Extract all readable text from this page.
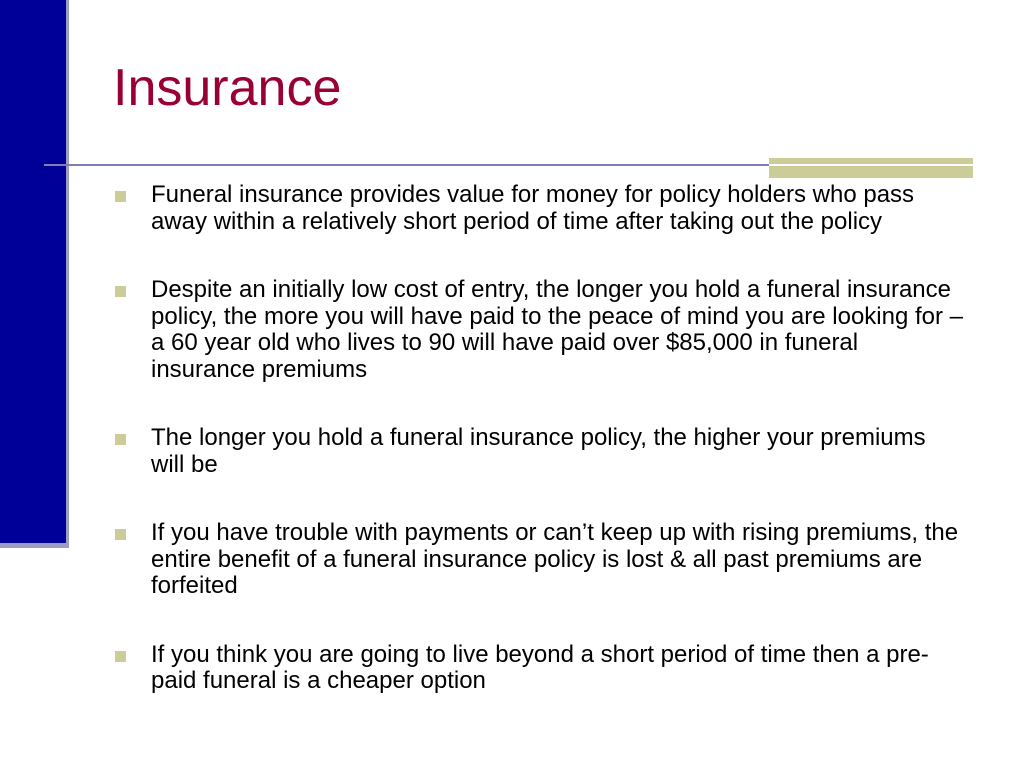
Insurance
Funeral insurance provides value for money for policy holders who pass away within a relatively short period of time after taking out the policy
Despite an initially low cost of entry, the longer you hold a funeral insurance policy, the more you will have paid to the peace of mind you are looking for – a 60 year old who lives to 90 will have paid over $85,000 in funeral insurance premiums
The longer you hold a funeral insurance policy, the higher your premiums will be
If you have trouble with payments or can’t keep up with rising premiums, the entire benefit of a funeral insurance policy is lost & all past premiums are forfeited
If you think you are going to live beyond a short period of time then a pre-paid funeral is a cheaper option
